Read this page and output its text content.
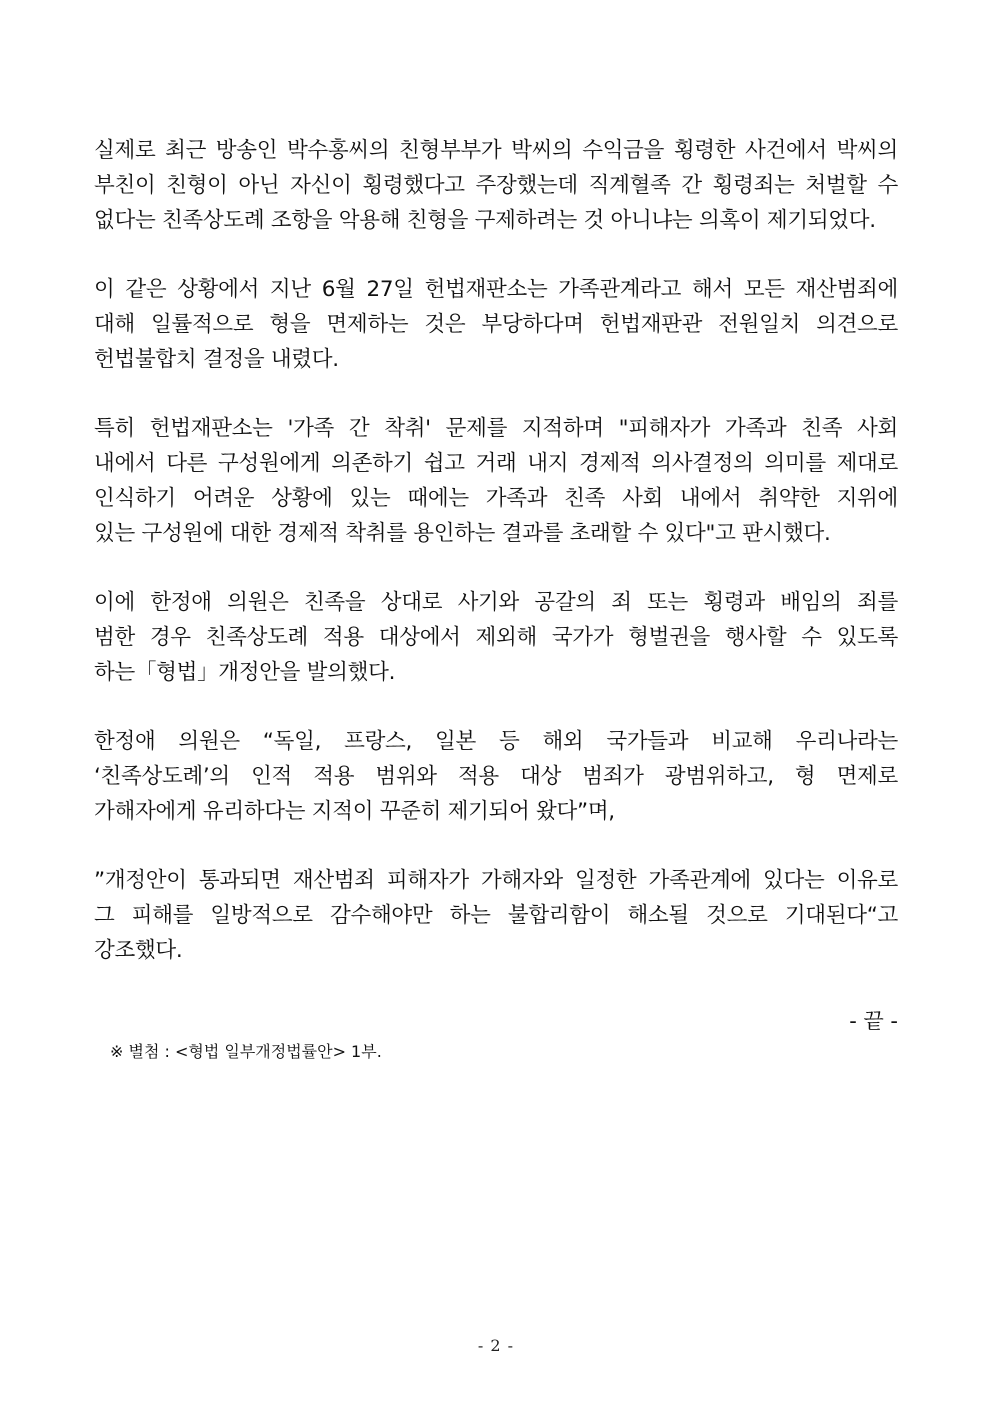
실제로 최근 방송인 박수홍씨의 친형부부가 박씨의 수익금을 횡령한 사건에서 박씨의
부친이 친형이 아닌 자신이 횡령했다고 주장했는데 직계혈족 간 횡령죄는 처벌할 수
없다는 친족상도례 조항을 악용해 친형을 구제하려는 것 아니냐는 의혹이 제기되었다.

이 같은 상황에서 지난 6월 27일 헌법재판소는 가족관계라고 해서 모든 재산범죄에
대해 일률적으로 형을 면제하는 것은 부당하다며 헌법재판관 전원일치 의견으로
헌법불합치 결정을 내렸다.

특히 헌법재판소는 '가족 간 착취' 문제를 지적하며 "피해자가 가족과 친족 사회
내에서 다른 구성원에게 의존하기 쉽고 거래 내지 경제적 의사결정의 의미를 제대로
인식하기 어려운 상황에 있는 때에는 가족과 친족 사회 내에서 취약한 지위에
있는 구성원에 대한 경제적 착취를 용인하는 결과를 초래할 수 있다"고 판시했다.

이에 한정애 의원은 친족을 상대로 사기와 공갈의 죄 또는 횡령과 배임의 죄를
범한 경우 친족상도례 적용 대상에서 제외해 국가가 형벌권을 행사할 수 있도록
하는「형법」개정안을 발의했다.

한정애 의원은 “독일, 프랑스, 일본 등 해외 국가들과 비교해 우리나라는
‘친족상도례’의 인적 적용 범위와 적용 대상 범죄가 광범위하고, 형 면제로
가해자에게 유리하다는 지적이 꾸준히 제기되어 왔다”며,

”개정안이 통과되면 재산범죄 피해자가 가해자와 일정한 가족관계에 있다는 이유로
그 피해를 일방적으로 감수해야만 하는 불합리함이 해소될 것으로 기대된다“고
강조했다.

- 끝 -
※ 별첨 : <형법 일부개정법률안> 1부.
- 2 -
